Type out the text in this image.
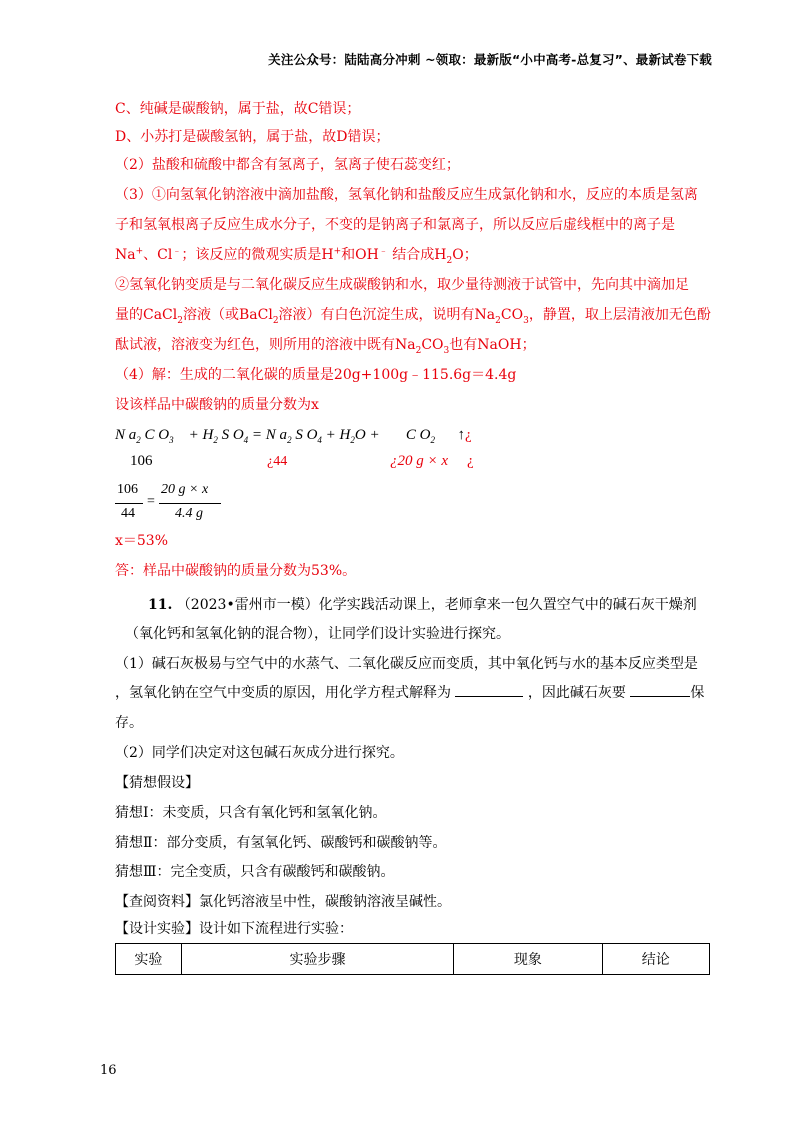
关注公众号：陆陆高分冲刺 ~领取：最新版“小中高考-总复习”、最新试卷下载
C、纯碱是碳酸钠，属于盐，故C错误；
D、小苏打是碳酸氢钠，属于盐，故D错误；
（2）盐酸和硫酸中都含有氢离子，氢离子使石蕊变红；
（3）①向氢氧化钠溶液中滴加盐酸，氢氧化钠和盐酸反应生成氯化钠和水，反应的本质是氢离
子和氢氧根离子反应生成水分子，不变的是钠离子和氯离子，所以反应后虚线框中的离子是
Na+、Cl﹣；该反应的微观实质是H+和OH﹣ 结合成$H_2O$；
②氢氧化钠变质是与二氧化碳反应生成碳酸钠和水，取少量待测液于试管中，先向其中滴加足
量的CaCl$_2$溶液（或BaCl$_2$溶液）有白色沉淀生成，说明有$Na_2CO_3$，静置，取上层清液加无色酚
酞试液，溶液变为红色，则所用的溶液中既有$Na_2CO_3$也有NaOH；
（4）解：生成的二氧化碳的质量是20g+100g﹣115.6g＝4.4g
设该样品中碳酸钠的质量分数为x
N $a_2$ C $O_3 + H_2$ S $O_4 = N$ $a_2$ S $O_4 + H_2O + C$ $O_2$ ↑¿
106	¿44	¿20 g × x ¿
106
44
=
20 g × x
4.4 g
x＝53%
答：样品中碳酸钠的质量分数为53%。
11. （2023•雷州市一模）化学实践活动课上，老师拿来一包久置空气中的碱石灰干燥剂
（氧化钙和氢氧化钠的混合物），让同学们设计实验进行探究。
（1）碱石灰极易与空气中的水蒸气、二氧化碳反应而变质，其中氧化钙与水的基本反应类型是
，氢氧化钠在空气中变质的原因，用化学方程式解释为	，因此碱石灰要	保
存。
（2）同学们决定对这包碱石灰成分进行探究。
【猜想假设】
猜想Ⅰ：未变质，只含有氧化钙和氢氧化钠。
猜想Ⅱ：部分变质，有氢氧化钙、碳酸钙和碳酸钠等。
猜想Ⅲ：完全变质，只含有碳酸钙和碳酸钠。
【查阅资料】氯化钙溶液呈中性，碳酸钠溶液呈碱性。
【设计实验】设计如下流程进行实验：
实验	实验步骤	现象	结论
16
